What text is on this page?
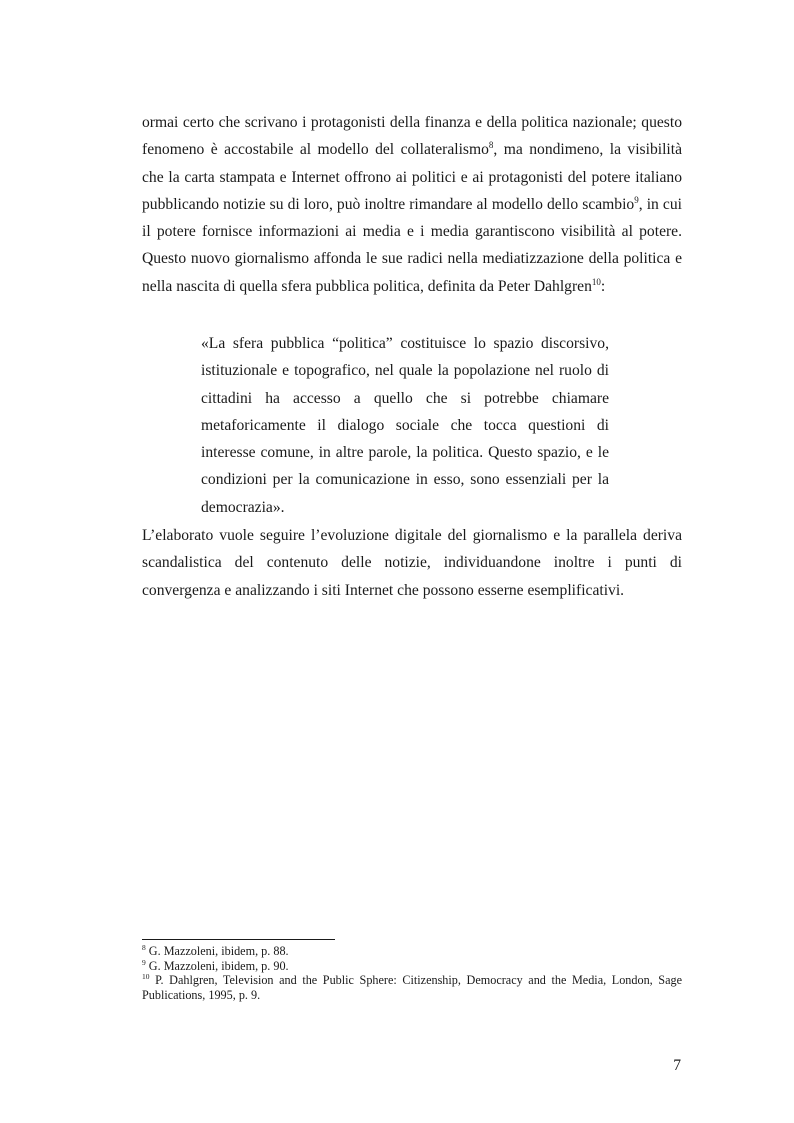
ormai certo che scrivano i protagonisti della finanza e della politica nazionale; questo fenomeno è accostabile al modello del collateralismo$^8$, ma nondimeno, la visibilità che la carta stampata e Internet offrono ai politici e ai protagonisti del potere italiano pubblicando notizie su di loro, può inoltre rimandare al modello dello scambio$^9$, in cui il potere fornisce informazioni ai media e i media garantiscono visibilità al potere. Questo nuovo giornalismo affonda le sue radici nella mediatizzazione della politica e nella nascita di quella sfera pubblica politica, definita da Peter Dahlgren$^{10}$:

«La sfera pubblica “politica” costituisce lo spazio discorsivo, istituzionale e topografico, nel quale la popolazione nel ruolo di cittadini ha accesso a quello che si potrebbe chiamare metaforicamente il dialogo sociale che tocca questioni di interesse comune, in altre parole, la politica. Questo spazio, e le condizioni per la comunicazione in esso, sono essenziali per la democrazia».

L’elaborato vuole seguire l’evoluzione digitale del giornalismo e la parallela deriva scandalistica del contenuto delle notizie, individuandone inoltre i punti di convergenza e analizzando i siti Internet che possono esserne esemplificativi.

$^8$ G. Mazzoleni, ibidem, p. 88.

$^9$ G. Mazzoleni, ibidem, p. 90.

$^{10}$ P. Dahlgren, Television and the Public Sphere: Citizenship, Democracy and the Media, London, Sage Publications, 1995, p. 9.

7
